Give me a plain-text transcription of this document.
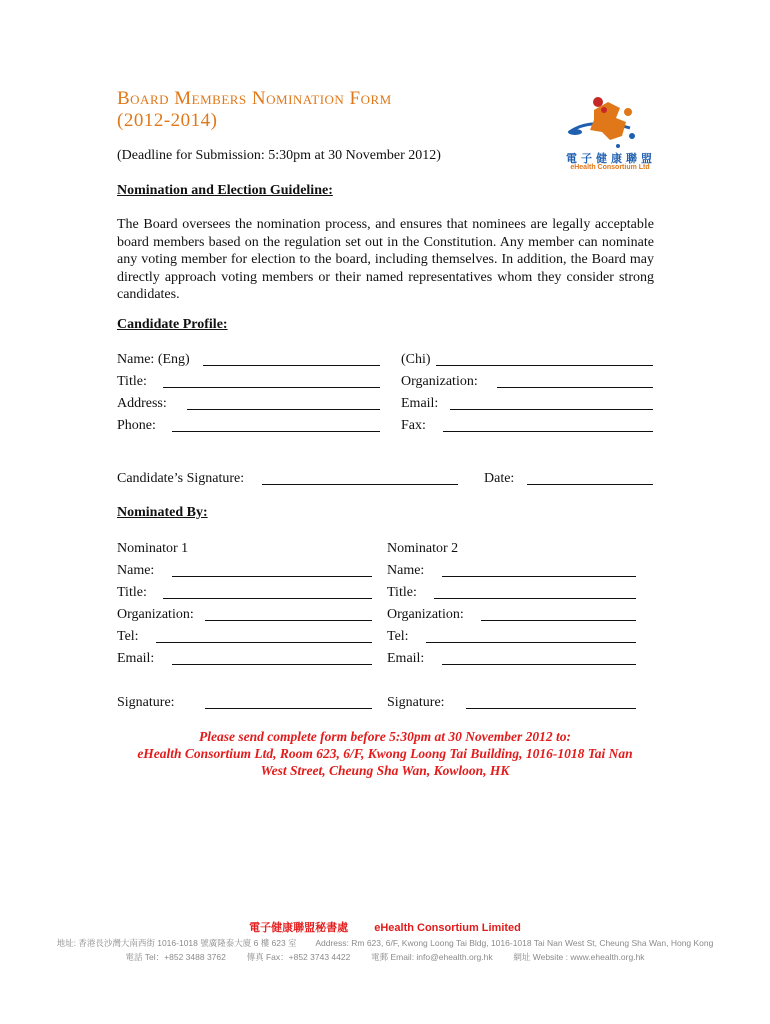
Board Members Nomination Form
(2012-2014)
(Deadline for Submission: 5:30pm at 30 November 2012)	電子健康聯盟
eHealth Consortium Ltd
Nomination and Election Guideline:
The Board oversees the nomination process, and ensures that nominees are legally acceptable board members based on the regulation set out in the Constitution. Any member can nominate any voting member for election to the board, including themselves. In addition, the Board may directly approach voting members or their named representatives whom they consider strong candidates.
Candidate Profile:
Name: (Eng)	(Chi)
Title:	Organization:
Address:	Email:
Phone:	Fax:
Candidate’s Signature:	Date:
Nominated By:
Nominator 1	Nominator 2
Name:	Name:
Title:	Title:
Organization:	Organization:
Tel:	Tel:
Email:	Email:
Signature:	Signature:
Please send complete form before 5:30pm at 30 November 2012 to:
eHealth Consortium Ltd, Room 623, 6/F, Kwong Loong Tai Building, 1016-1018 Tai Nan
West Street, Cheung Sha Wan, Kowloon, HK
電子健康聯盟秘書處 eHealth Consortium Limited
地址: 香港長沙灣大南西街 1016-1018 號廣隆泰大廈 6 樓 623 室 Address: Rm 623, 6/F, Kwong Loong Tai Bldg, 1016-1018 Tai Nan West St, Cheung Sha Wan, Hong Kong
電話 Tel：+852 3488 3762 傳真 Fax：+852 3743 4422 電郵 Email: info@ehealth.org.hk 網址 Website : www.ehealth.org.hk
